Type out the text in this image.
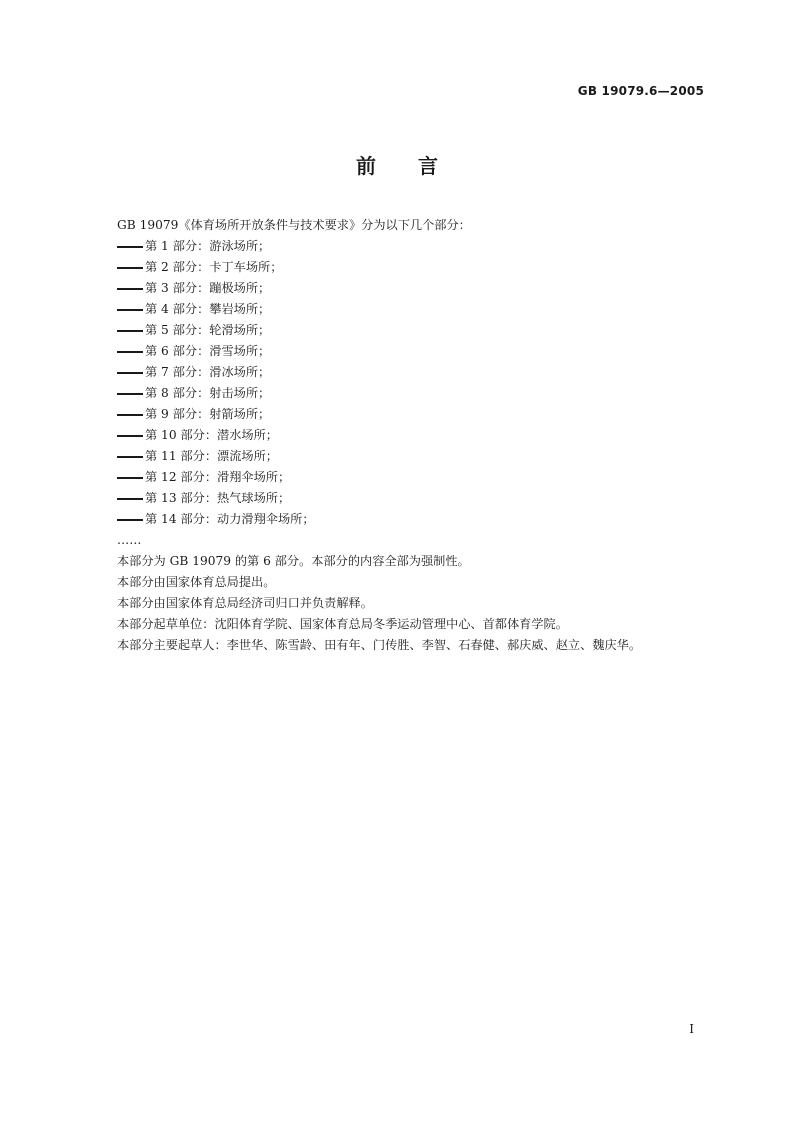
GB 19079.6—2005
前言
GB 19079《体育场所开放条件与技术要求》分为以下几个部分：
第 1 部分：游泳场所；
第 2 部分：卡丁车场所；
第 3 部分：蹦极场所；
第 4 部分：攀岩场所；
第 5 部分：轮滑场所；
第 6 部分：滑雪场所；
第 7 部分：滑冰场所；
第 8 部分：射击场所；
第 9 部分：射箭场所；
第 10 部分：潜水场所；
第 11 部分：漂流场所；
第 12 部分：滑翔伞场所；
第 13 部分：热气球场所；
第 14 部分：动力滑翔伞场所；
……
本部分为 GB 19079 的第 6 部分。本部分的内容全部为强制性。
本部分由国家体育总局提出。
本部分由国家体育总局经济司归口并负责解释。
本部分起草单位：沈阳体育学院、国家体育总局冬季运动管理中心、首都体育学院。
本部分主要起草人：李世华、陈雪龄、田有年、门传胜、李智、石春健、郝庆威、赵立、魏庆华。
I
